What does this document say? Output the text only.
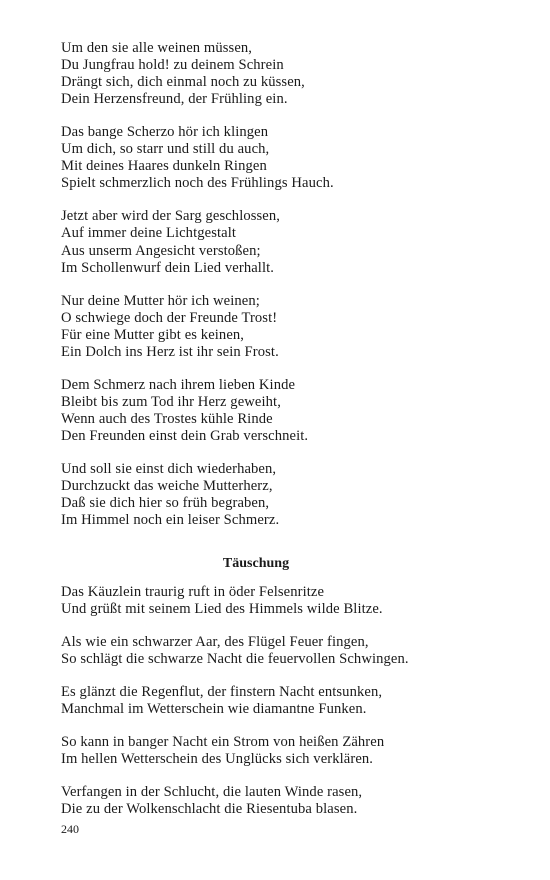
Um den sie alle weinen müssen,
Du Jungfrau hold! zu deinem Schrein
Drängt sich, dich einmal noch zu küssen,
Dein Herzensfreund, der Frühling ein.
Das bange Scherzo hör ich klingen
Um dich, so starr und still du auch,
Mit deines Haares dunkeln Ringen
Spielt schmerzlich noch des Frühlings Hauch.
Jetzt aber wird der Sarg geschlossen,
Auf immer deine Lichtgestalt
Aus unserm Angesicht verstoßen;
Im Schollenwurf dein Lied verhallt.
Nur deine Mutter hör ich weinen;
O schwiege doch der Freunde Trost!
Für eine Mutter gibt es keinen,
Ein Dolch ins Herz ist ihr sein Frost.
Dem Schmerz nach ihrem lieben Kinde
Bleibt bis zum Tod ihr Herz geweiht,
Wenn auch des Trostes kühle Rinde
Den Freunden einst dein Grab verschneit.
Und soll sie einst dich wiederhaben,
Durchzuckt das weiche Mutterherz,
Daß sie dich hier so früh begraben,
Im Himmel noch ein leiser Schmerz.
Täuschung
Das Käuzlein traurig ruft in öder Felsenritze
Und grüßt mit seinem Lied des Himmels wilde Blitze.
Als wie ein schwarzer Aar, des Flügel Feuer fingen,
So schlägt die schwarze Nacht die feuervollen Schwingen.
Es glänzt die Regenflut, der finstern Nacht entsunken,
Manchmal im Wetterschein wie diamantne Funken.
So kann in banger Nacht ein Strom von heißen Zähren
Im hellen Wetterschein des Unglücks sich verklären.
Verfangen in der Schlucht, die lauten Winde rasen,
Die zu der Wolkenschlacht die Riesentuba blasen.
240
